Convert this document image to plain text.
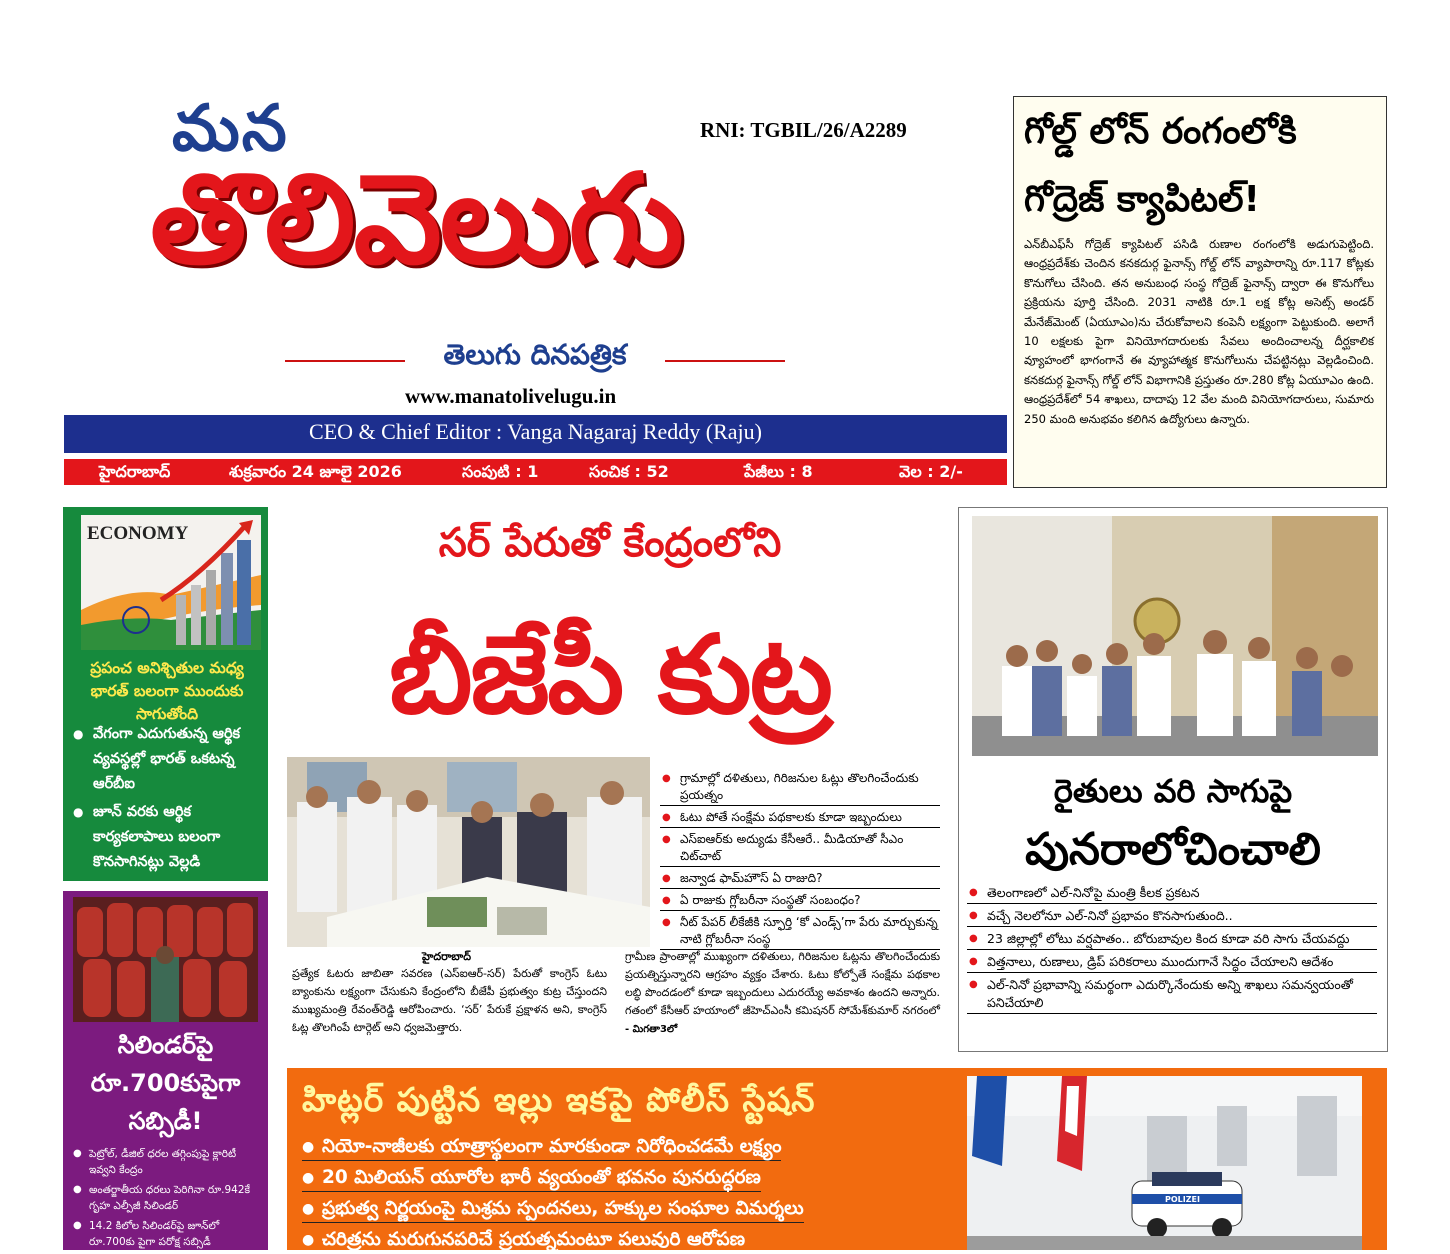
మన	RNI: TGBIL/26/A2289
తొలివెలుగు
తెలుగు దినపత్రిక
www.manatolivelugu.in
CEO & Chief Editor : Vanga Nagaraj Reddy (Raju)
హైదరాబాద్	శుక్రవారం 24 జూలై 2026	సంపుటి : 1	సంచిక : 52	పేజీలు : 8	వెల : 2/-
గోల్డ్ లోన్ రంగంలోకి
గోద్రెజ్ క్యాపిటల్!
ఎన్‌బీఎఫ్‌సీ గోద్రెజ్ క్యాపిటల్ పసిడి రుణాల రంగంలోకి అడుగుపెట్టింది. ఆంధ్రప్రదేశ్‌కు చెందిన కనకదుర్గ ఫైనాన్స్ గోల్డ్ లోన్ వ్యాపారాన్ని రూ.117 కోట్లకు కొనుగోలు చేసింది. తన అనుబంధ సంస్థ గోద్రెజ్ ఫైనాన్స్ ద్వారా ఈ కొనుగోలు ప్రక్రియను పూర్తి చేసింది. 2031 నాటికి రూ.1 లక్ష కోట్ల అసెట్స్ అండర్ మేనేజ్‌మెంట్ (ఏయూఎం)ను చేరుకోవాలని కంపెనీ లక్ష్యంగా పెట్టుకుంది. అలాగే 10 లక్షలకు పైగా వినియోగదారులకు సేవలు అందించాలన్న దీర్ఘకాలిక వ్యూహంలో భాగంగానే ఈ వ్యూహాత్మక కొనుగోలును చేపట్టినట్లు వెల్లడించింది. కనకదుర్గ ఫైనాన్స్ గోల్డ్ లోన్ విభాగానికి ప్రస్తుతం రూ.280 కోట్ల ఏయూఎం ఉంది. ఆంధ్రప్రదేశ్‌లో 54 శాఖలు, దాదాపు 12 వేల మంది వినియోగదారులు, సుమారు 250 మంది అనుభవం కలిగిన ఉద్యోగులు ఉన్నారు.
ECONOMY
ప్రపంచ అనిశ్చితుల మధ్య భారత్ బలంగా ముందుకు సాగుతోంది
● వేగంగా ఎదుగుతున్న ఆర్థిక వ్యవస్థల్లో భారత్ ఒకటన్న ఆర్‌బీఐ
● జూన్ వరకు ఆర్థిక కార్యకలాపాలు బలంగా కొనసాగినట్లు వెల్లడి
సిలిండర్‌పై
రూ.700కుపైగా
సబ్సిడీ!
● పెట్రోల్, డీజిల్ ధరల తగ్గింపుపై క్లారిటీ ఇవ్వని కేంద్రం
● అంతర్జాతీయ ధరలు పెరిగినా రూ.942కే గృహ ఎల్పీజీ సిలిండర్
● 14.2 కిలోల సిలిండర్‌పై జూన్‌లో రూ.700కు పైగా పరోక్ష సబ్సిడీ
సర్ పేరుతో కేంద్రంలోని
బీజేపీ కుట్ర
● గ్రామాల్లో దళితులు, గిరిజనుల ఓట్లు తొలగించేందుకు ప్రయత్నం
● ఓటు పోతే సంక్షేమ పథకాలకు కూడా ఇబ్బందులు
● ఎస్ఐఆర్‌కు అద్యుడు కేసీఆరే.. మీడియాతో సీఎం చిట్‌చాట్
● జన్వాడ ఫామ్‌హౌస్ ఏ రాజుది?
● ఏ రాజుకు గ్లోబరీనా సంస్థతో సంబంధం?
● నీట్ పేపర్ లీకేజీకి స్ఫూర్తి ‘కో ఎండ్స్’గా పేరు మార్చుకున్న నాటి గ్లోబరీనా సంస్థ
హైదరాబాద్
ప్రత్యేక ఓటరు జాబితా సవరణ (ఎస్ఐఆర్-సర్) పేరుతో కాంగ్రెస్ ఓటు బ్యాంకును లక్ష్యంగా చేసుకుని కేంద్రంలోని బీజేపీ ప్రభుత్వం కుట్ర చేస్తుందని ముఖ్యమంత్రి రేవంత్‌రెడ్డి ఆరోపించారు. ‘సర్’ పేరుకే ప్రక్షాళన అని, కాంగ్రెస్ ఓట్ల తొలగింపే టార్గెట్ అని ధ్వజమెత్తారు.
గ్రామీణ ప్రాంతాల్లో ముఖ్యంగా దళితులు, గిరిజనుల ఓట్లను తొలగించేందుకు ప్రయత్నిస్తున్నారని ఆగ్రహం వ్యక్తం చేశారు. ఓటు కోల్పోతే సంక్షేమ పథకాల లబ్ధి పొందడంలో కూడా ఇబ్బందులు ఎదురయ్యే అవకాశం ఉందని అన్నారు. గతంలో కేసీఆర్ హయాంలో జీహెచ్‌ఎంసీ కమిషనర్ సోమేశ్‌కుమార్ నగరంలో - మిగతా3లో
రైతులు వరి సాగుపై
పునరాలోచించాలి
● తెలంగాణలో ఎల్-నినోపై మంత్రి కీలక ప్రకటన
● వచ్చే నెలలోనూ ఎల్-నినో ప్రభావం కొనసాగుతుంది..
● 23 జిల్లాల్లో లోటు వర్షపాతం.. బోరుబావుల కింద కూడా వరి సాగు చేయవద్దు
● విత్తనాలు, రుణాలు, డ్రిప్ పరికరాలు ముందుగానే సిద్ధం చేయాలని ఆదేశం
● ఎల్-నినో ప్రభావాన్ని సమర్థంగా ఎదుర్కొనేందుకు అన్ని శాఖలు సమన్వయంతో పనిచేయాలి
హిట్లర్ పుట్టిన ఇల్లు ఇకపై పోలీస్ స్టేషన్
● నియో-నాజీలకు యాత్రాస్థలంగా మారకుండా నిరోధించడమే లక్ష్యం
● 20 మిలియన్ యూరోల భారీ వ్యయంతో భవనం పునరుద్ధరణ
● ప్రభుత్వ నిర్ణయంపై మిశ్రమ స్పందనలు, హక్కుల సంఘాల విమర్శలు
● చరిత్రను మరుగునపరిచే ప్రయత్నమంటూ పలువురి ఆరోపణ
POLIZEI
